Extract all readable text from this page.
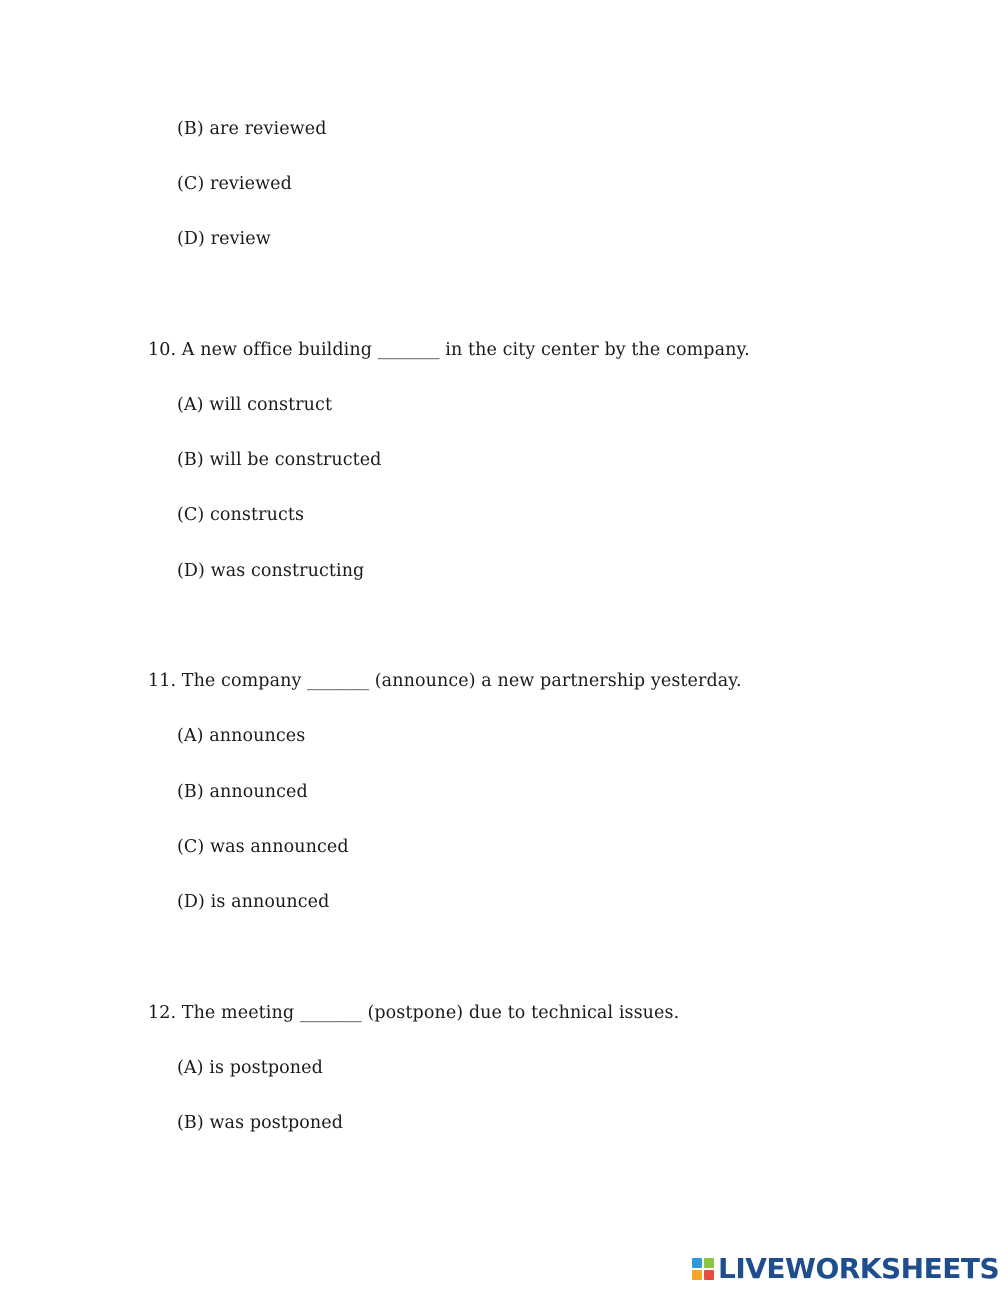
(B) are reviewed
(C) reviewed
(D) review
10. A new office building _______ in the city center by the company.
(A) will construct
(B) will be constructed
(C) constructs
(D) was constructing
11. The company _______ (announce) a new partnership yesterday.
(A) announces
(B) announced
(C) was announced
(D) is announced
12. The meeting _______ (postpone) due to technical issues.
(A) is postponed
(B) was postponed
LIVEWORKSHEETS
